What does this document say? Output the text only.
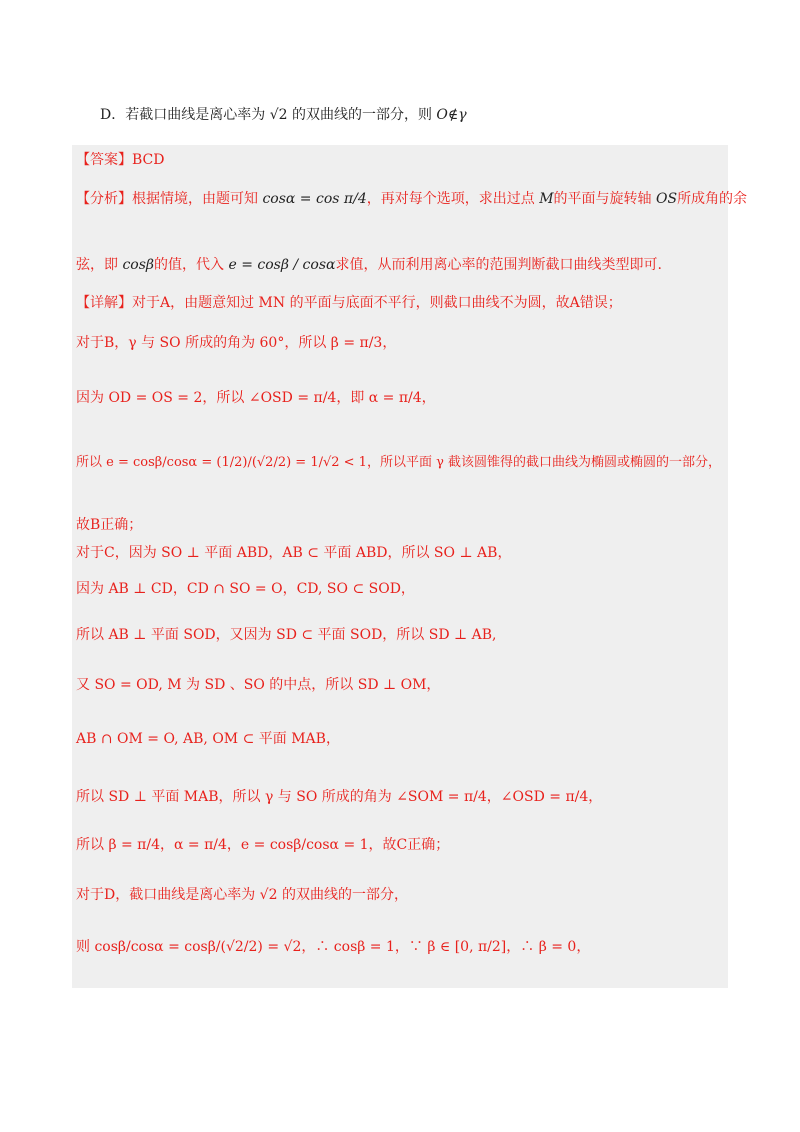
D．若截口曲线是离心率为 √2 的双曲线的一部分，则 O∉γ
【答案】BCD
【分析】根据情境，由题可知 cosα = cos π/4，再对每个选项，求出过点 M的平面与旋转轴 OS所成角的余
弦，即 cosβ的值，代入 e = cosβ / cosα求值，从而利用离心率的范围判断截口曲线类型即可.
【详解】对于A，由题意知过 MN 的平面与底面不平行，则截口曲线不为圆，故A错误；
对于B，γ 与 SO 所成的角为 60°，所以 β = π/3，
因为 OD = OS = 2，所以 ∠OSD = π/4，即 α = π/4，
所以 e = cosβ/cosα = (1/2)/(√2/2) = 1/√2 < 1，所以平面 γ 截该圆锥得的截口曲线为椭圆或椭圆的一部分，
故B正确；
对于C，因为 SO ⊥ 平面 ABD，AB ⊂ 平面 ABD，所以 SO ⊥ AB，
因为 AB ⊥ CD，CD ∩ SO = O，CD, SO ⊂ SOD，
所以 AB ⊥ 平面 SOD，又因为 SD ⊂ 平面 SOD，所以 SD ⊥ AB,
又 SO = OD, M 为 SD 、SO 的中点，所以 SD ⊥ OM，
AB ∩ OM = O, AB, OM ⊂ 平面 MAB，
所以 SD ⊥ 平面 MAB，所以 γ 与 SO 所成的角为 ∠SOM = π/4，∠OSD = π/4，
所以 β = π/4，α = π/4，e = cosβ/cosα = 1，故C正确；
对于D，截口曲线是离心率为 √2 的双曲线的一部分，
则 cosβ/cosα = cosβ/(√2/2) = √2，∴ cosβ = 1，∵ β ∈ [0, π/2]，∴ β = 0，
